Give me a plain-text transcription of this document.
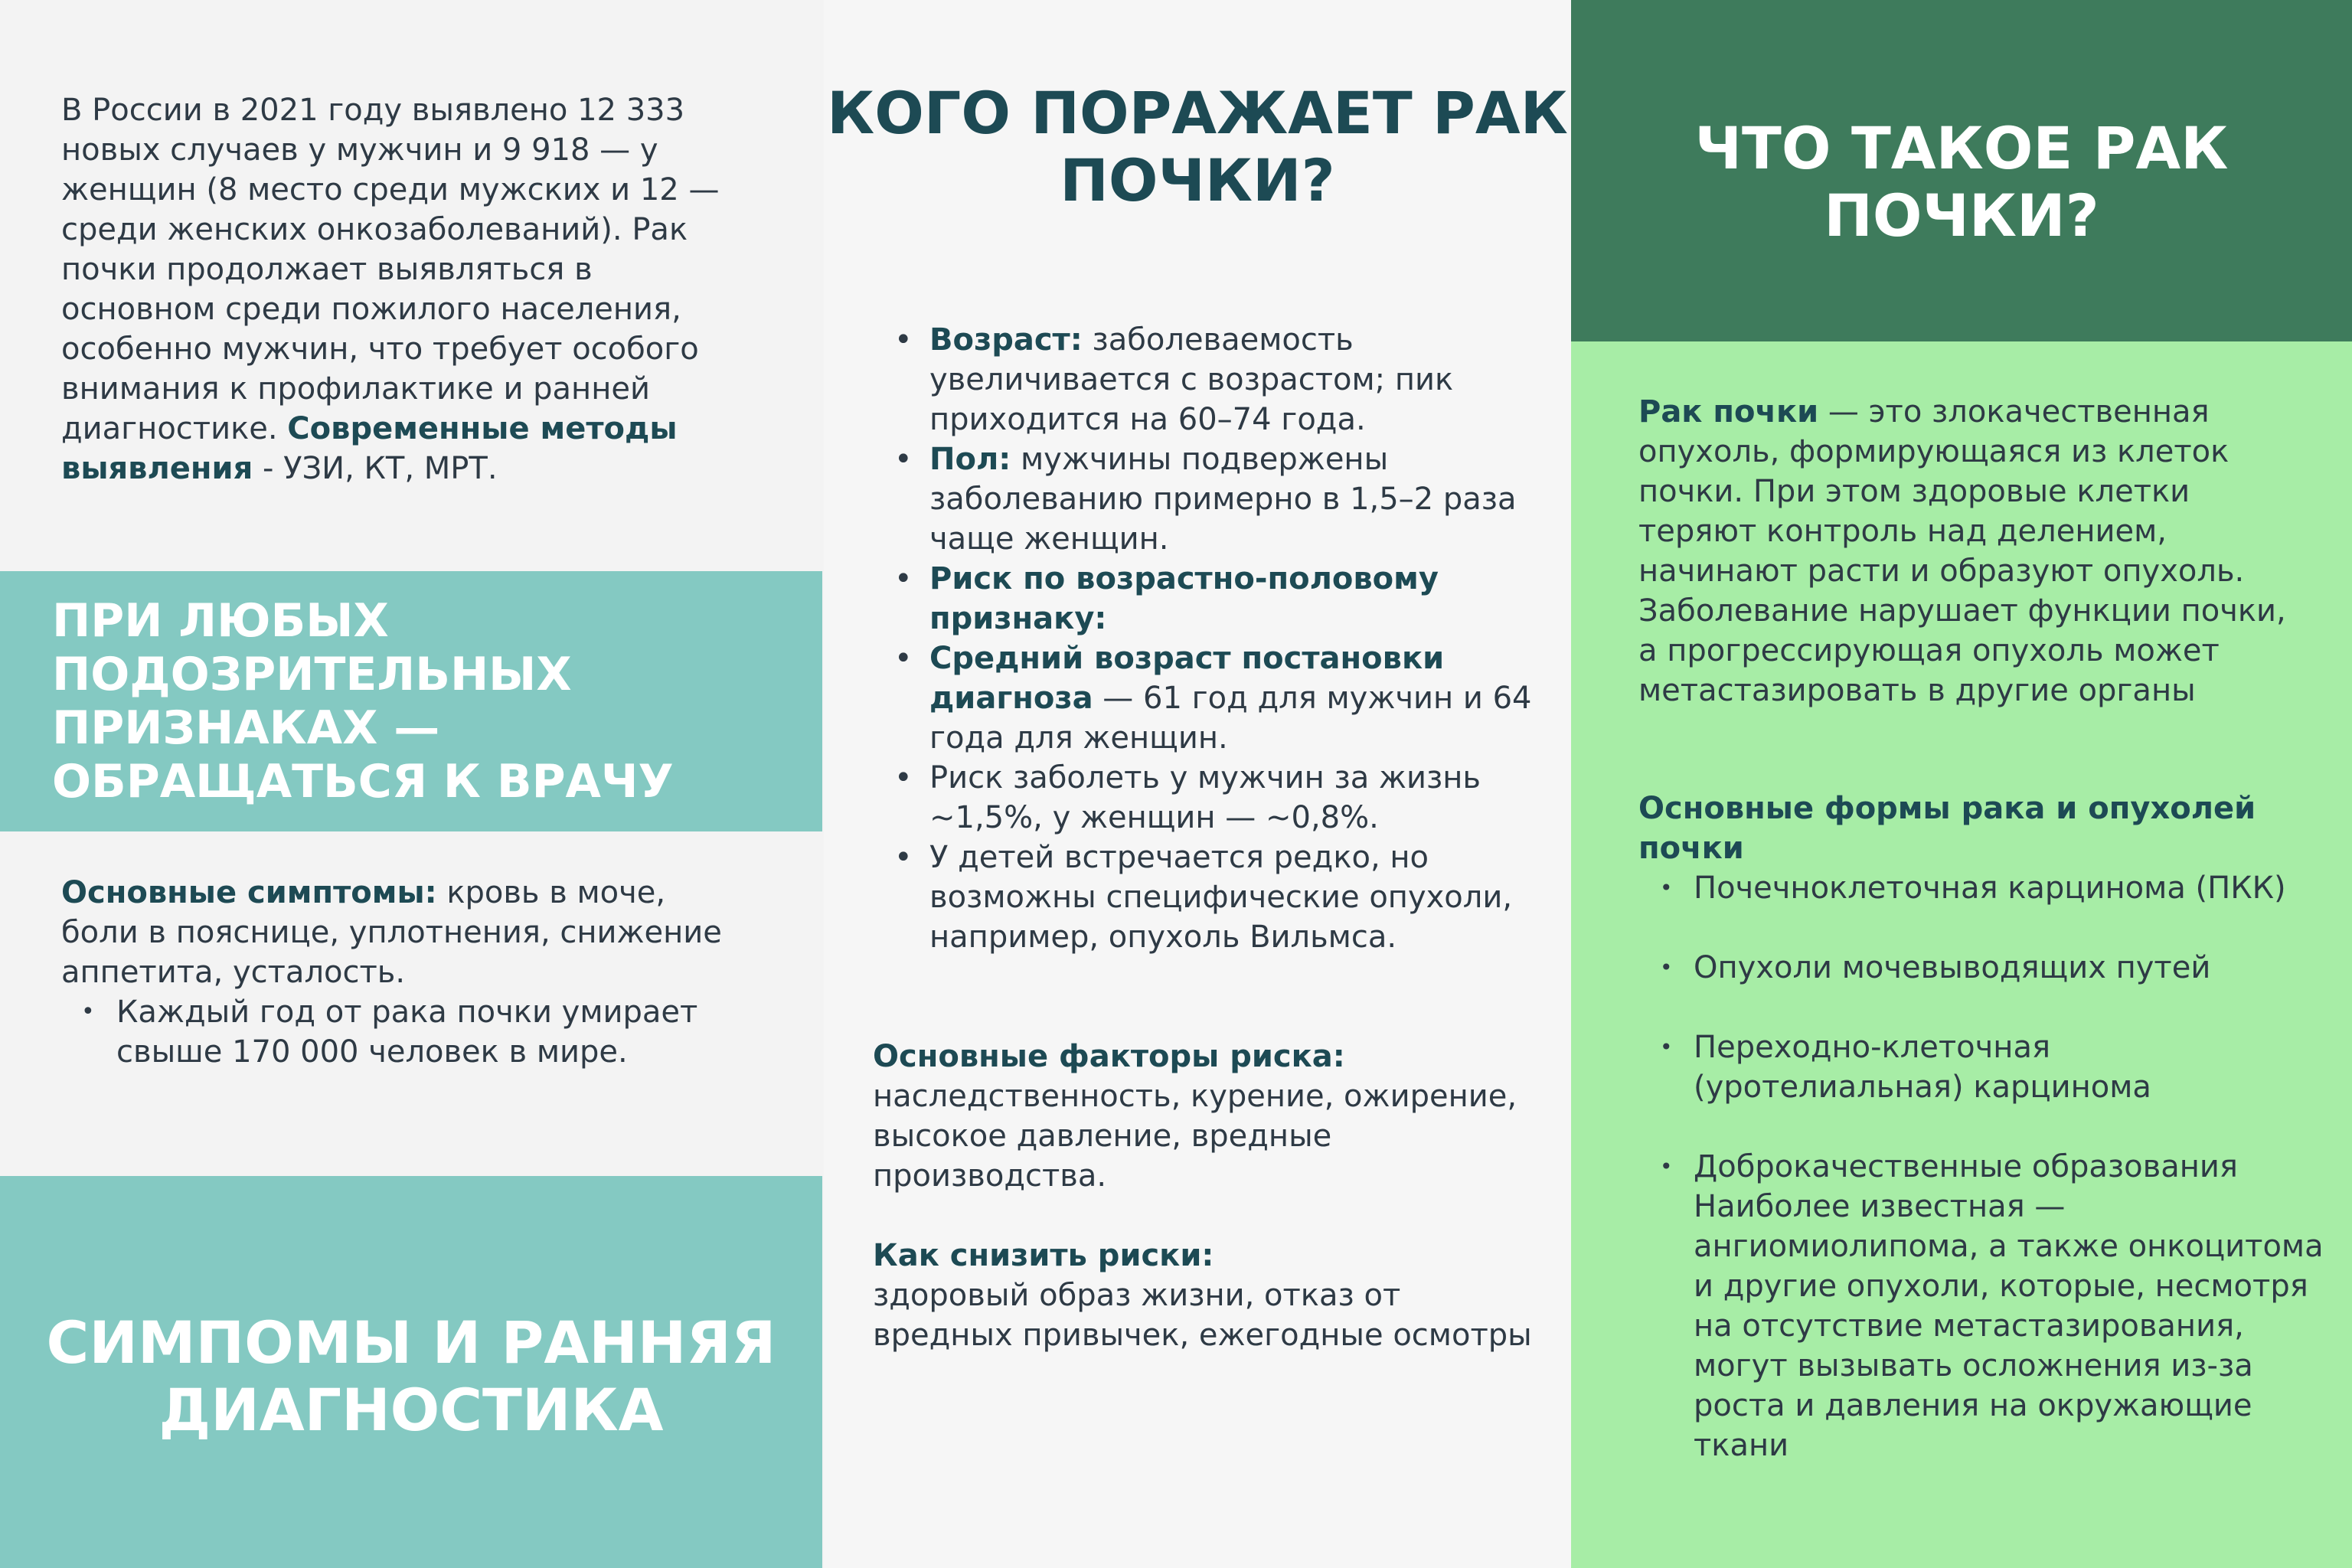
В России в 2021 году выявлено 12 333 новых случаев у мужчин и 9 918 — у женщин (8 место среди мужских и 12 — среди женских онкозаболеваний). Рак почки продолжает выявляться в основном среди пожилого населения, особенно мужчин, что требует особого внимания к профилактике и ранней диагностике. Современные методы выявления - УЗИ, КТ, МРТ.

ПРИ ЛЮБЫХ ПОДОЗРИТЕЛЬНЫХ ПРИЗНАКАХ — ОБРАЩАТЬСЯ К ВРАЧУ

Основные симптомы: кровь в моче, боли в пояснице, уплотнения, снижение аппетита, усталость.

• Каждый год от рака почки умирает свыше 170 000 человек в мире.
СИМПОМЫ И РАННЯЯ ДИАГНОСТИКА
КОГО ПОРАЖАЕТ РАК ПОЧКИ?
• Возраст: заболеваемость увеличивается с возрастом; пик приходится на 60–74 года.
• Пол: мужчины подвержены заболеванию примерно в 1,5–2 раза чаще женщин.
• Риск по возрастно-половому признаку:
• Средний возраст постановки диагноза — 61 год для мужчин и 64 года для женщин.
• Риск заболеть у мужчин за жизнь ~1,5%, у женщин — ~0,8%.
• У детей встречается редко, но возможны специфические опухоли, например, опухоль Вильмса.
Основные факторы риска:
наследственность, курение, ожирение, высокое давление, вредные производства.
Как снизить риски:
здоровый образ жизни, отказ от вредных привычек, ежегодные осмотры
ЧТО ТАКОЕ РАК ПОЧКИ?

Рак почки — это злокачественная опухоль, формирующаяся из клеток почки. При этом здоровые клетки теряют контроль над делением, начинают расти и образуют опухоль. Заболевание нарушает функции почки, а прогрессирующая опухоль может метастазировать в другие органы

Основные формы рака и опухолей почки
• Почечноклеточная карцинома (ПКК)
• Опухоли мочевыводящих путей
• Переходно-клеточная (уротелиальная) карцинома
• Доброкачественные образования Наиболее известная — ангиомиолипома, а также онкоцитома и другие опухоли, которые, несмотря на отсутствие метастазирования, могут вызывать осложнения из-за роста и давления на окружающие ткани
